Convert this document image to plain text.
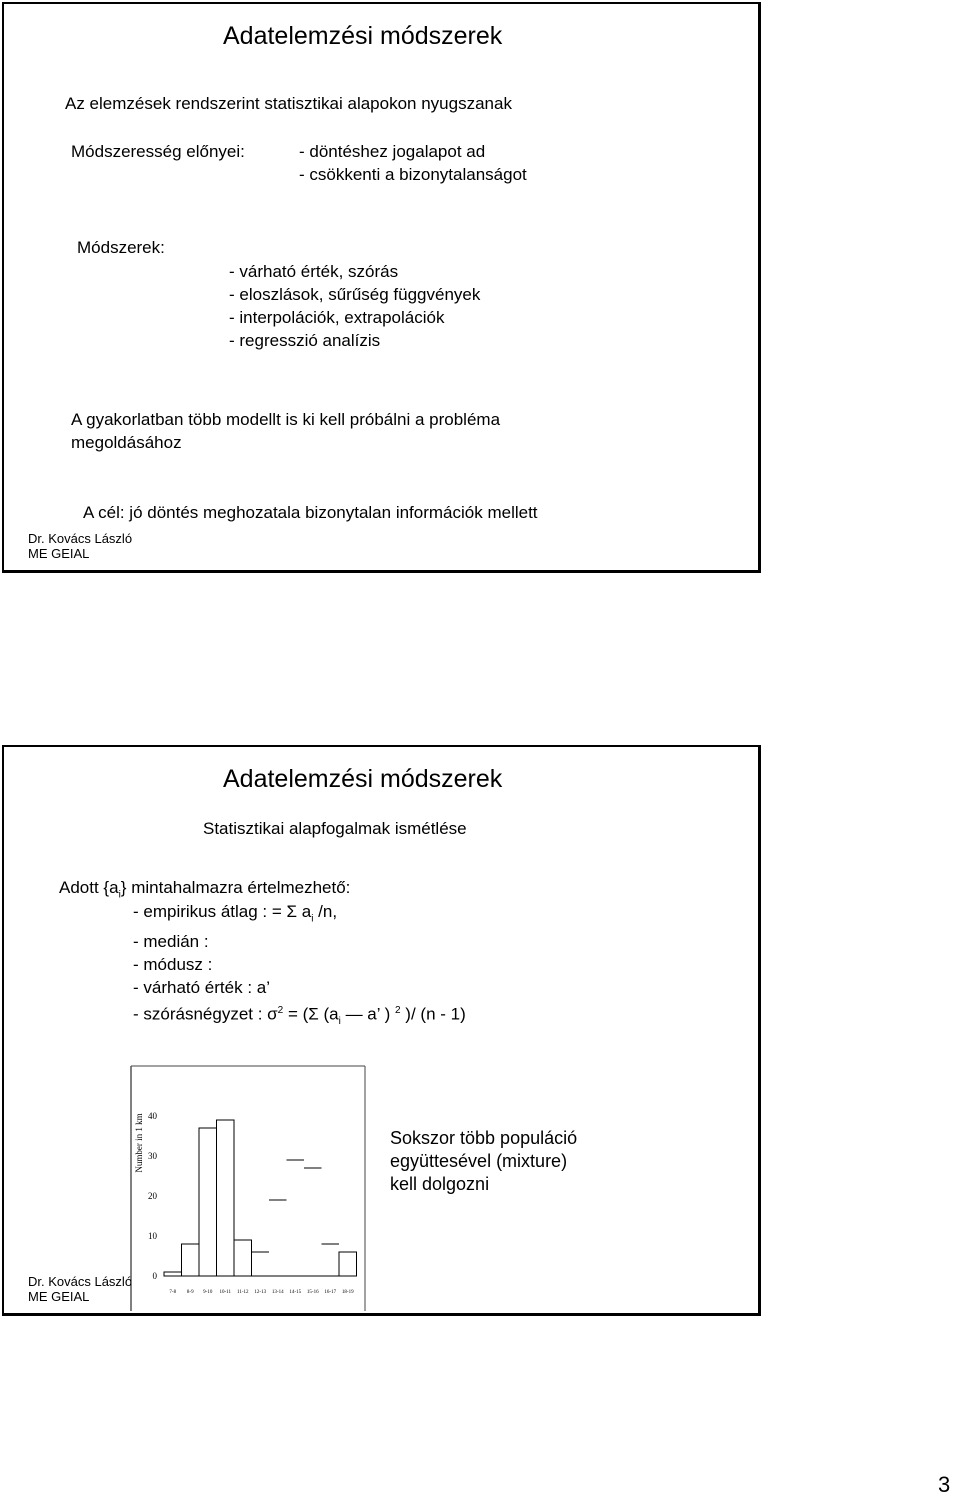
Adatelemzési módszerek
Az elemzések rendszerint statisztikai alapokon nyugszanak
Módszeresség előnyei:	- döntéshez jogalapot ad
- csökkenti a bizonytalanságot
Módszerek:
- várható érték, szórás
- eloszlások, sűrűség függvények
- interpolációk, extrapolációk
- regresszió analízis
A gyakorlatban több modellt is ki kell próbálni a probléma
megoldásához
A cél: jó döntés meghozatala bizonytalan információk mellett
Dr. Kovács László
ME GEIAL
Adatelemzési módszerek
Statisztikai alapfogalmak ismétlése
Adott $\{a_i\}$ mintahalmazra értelmezhető:
- empirikus átlag : = Σ $a_i$ /n,
- medián :
- módusz :
- várható érték : a’
- szórásnégyzet : $\sigma^2 = (\Sigma$ ($a_i$ — a’ ) $^2$ )/ (n - 1)
Number in 1 km
0
10
20
30
40
7-8 8-9 9-10 10-11 11-12 12-13 13-14 14-15 15-16 16-17 18-19
Sokszor több populáció
együttesével (mixture)
kell dolgozni
Dr. Kovács László
ME GEIAL
3
